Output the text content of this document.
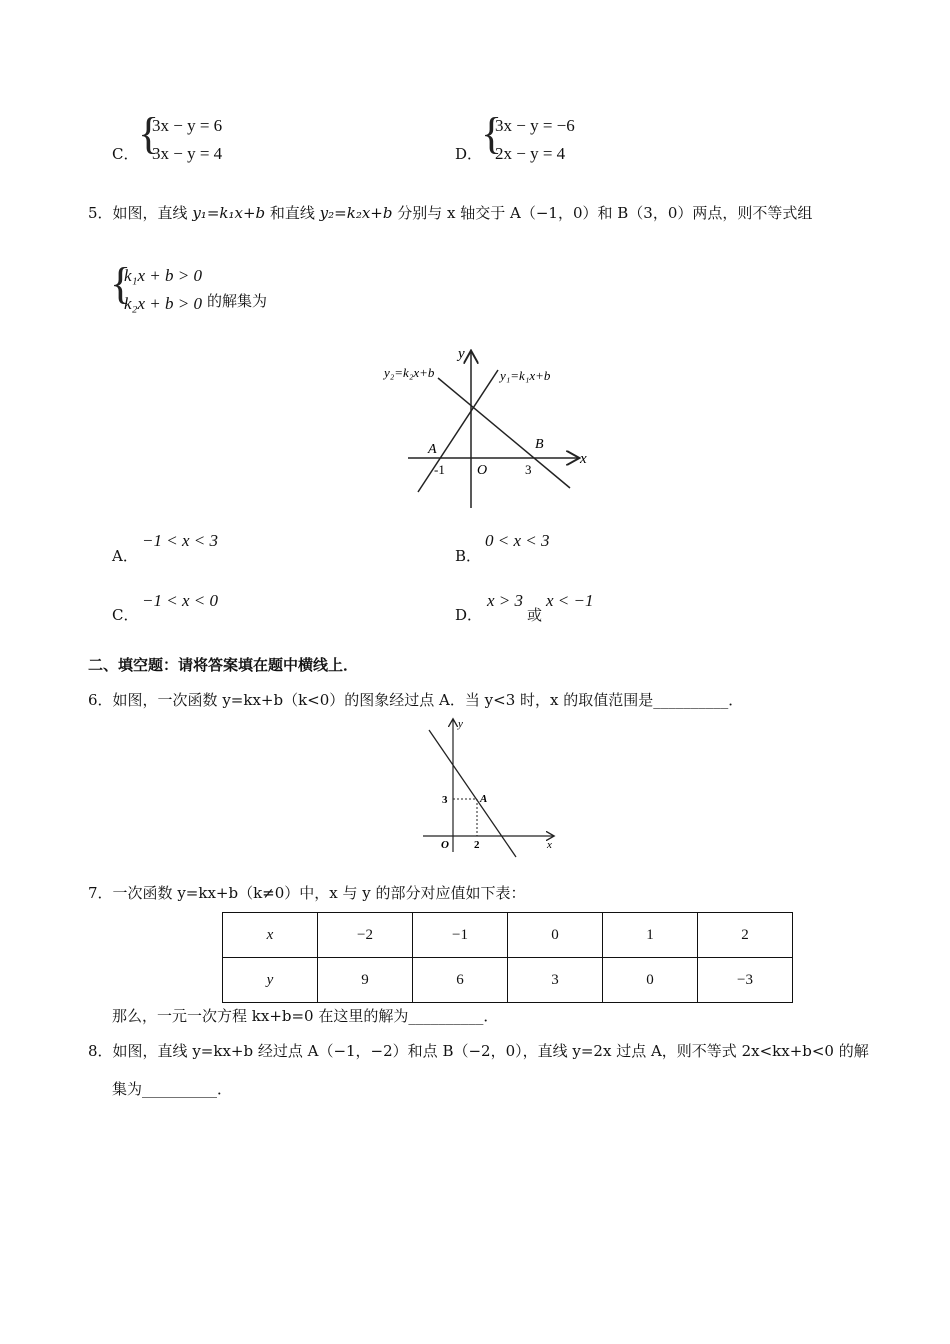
C． {
3x − y = 6
3x − y = 4	D．
{
3x − y = −6
2x − y = 4
5．如图，直线 y₁=k₁x+b 和直线 y₂=k₂x+b 分别与 x 轴交于 A（−1，0）和 B（3，0）两点，则不等式组
{
k₁x + b > 0
k₂x + b > 0 的解集为
y₂=k₂x+b	y₁=k₁x+b
y
x
A	B
O
-1	3
A．
−1 < x < 3
B．
0 < x < 3
C．
−1 < x < 0
D．
x > 3
或
x < −1
二、填空题：请将答案填在题中横线上．
6．如图，一次函数 y=kx+b（k<0）的图象经过点 A．当 y<3 时，x 的取值范围是__________．
y
x
O
3
2
A
7．一次函数 y=kx+b（k≠0）中，x 与 y 的部分对应值如下表：
x	−2	−1	0	1	2
y	9	6	3	0	−3
那么，一元一次方程 kx+b=0 在这里的解为__________．
8．如图，直线 y=kx+b 经过点 A（−1，−2）和点 B（−2，0），直线 y=2x 过点 A，则不等式 2x<kx+b<0 的解
集为__________．
